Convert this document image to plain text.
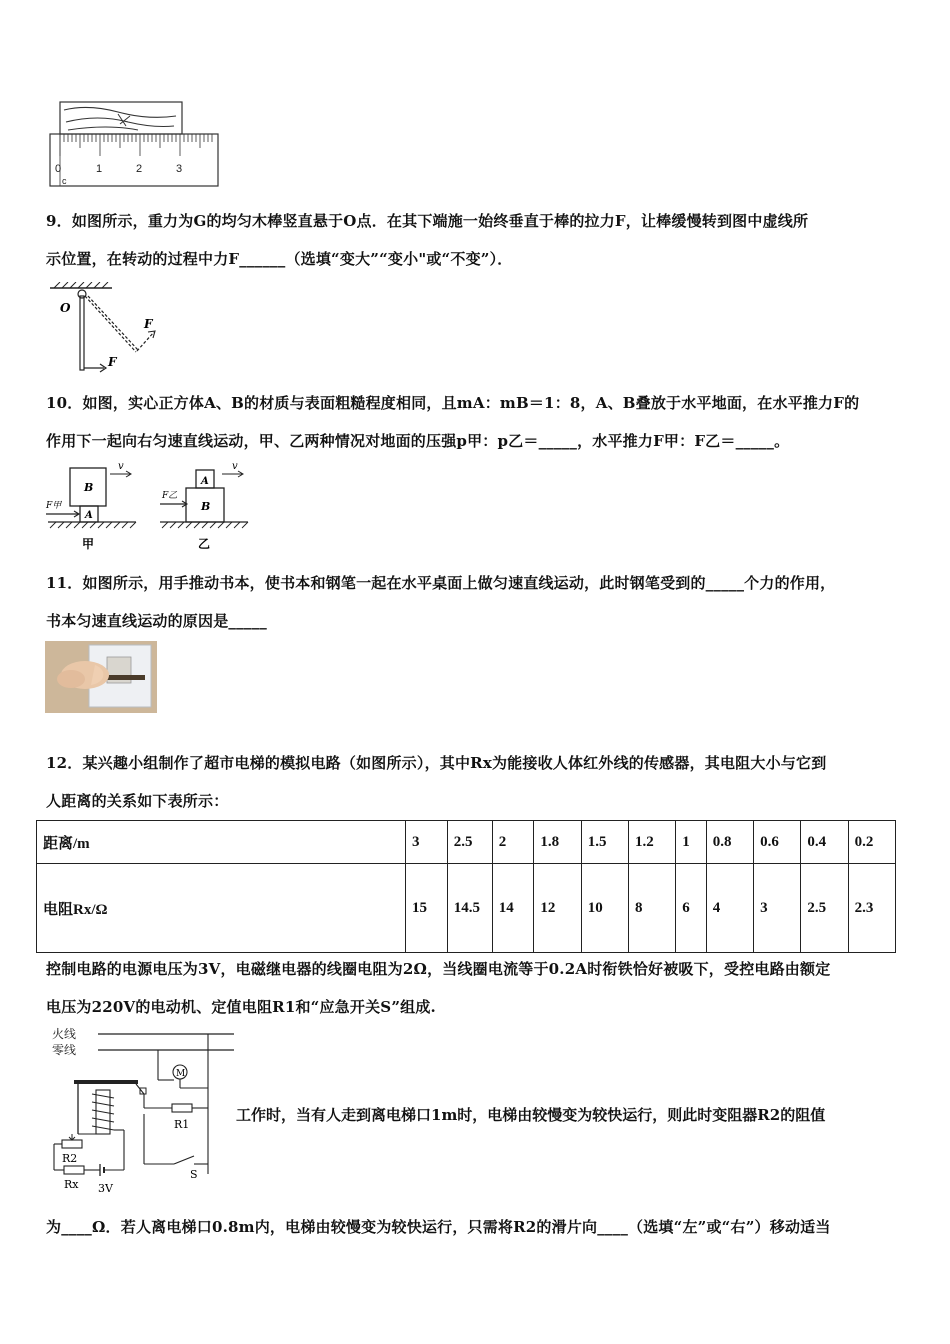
0	1	2	3
c
9．如图所示，重力为G的均匀木棒竖直悬于O点．在其下端施一始终垂直于棒的拉力F，让棒缓慢转到图中虚线所
示位置，在转动的过程中力F______（选填“变大”“变小"或“不变”）．
O
F
F
10．如图，实心正方体A、B的材质与表面粗糙程度相同，且mA：mB＝1：8，A、B叠放于水平地面，在水平推力F的
作用下一起向右匀速直线运动，甲、乙两种情况对地面的压强p甲：p乙＝_____，水平推力F甲：F乙＝_____。
B
A
v
F甲
甲
A
B
v
F乙
乙
11．如图所示，用手推动书本，使书本和钢笔一起在水平桌面上做匀速直线运动，此时钢笔受到的_____个力的作用，
书本匀速直线运动的原因是_____
12．某兴趣小组制作了超市电梯的模拟电路（如图所示），其中Rx为能接收人体红外线的传感器，其电阻大小与它到
人距离的关系如下表所示：
距离/m	3	2.5	2	1.8	1.5	1.2	1	0.8	0.6	0.4	0.2
电阻Rx/Ω	15	14.5	14	12	10	8	6	4	3	2.5	2.3
控制电路的电源电压为3V，电磁继电器的线圈电阻为2Ω，当线圈电流等于0.2A时衔铁恰好被吸下，受控电路由额定
电压为220V的电动机、定值电阻R1和“应急开关S”组成.
火线
零线
M
R1
S
R2
Rx 3V
工作时，当有人走到离电梯口1m时，电梯由较慢变为较快运行，则此时变阻器R2的阻值
为____Ω．若人离电梯口0.8m内，电梯由较慢变为较快运行，只需将R2的滑片向____（选填“左”或“右”）移动适当
